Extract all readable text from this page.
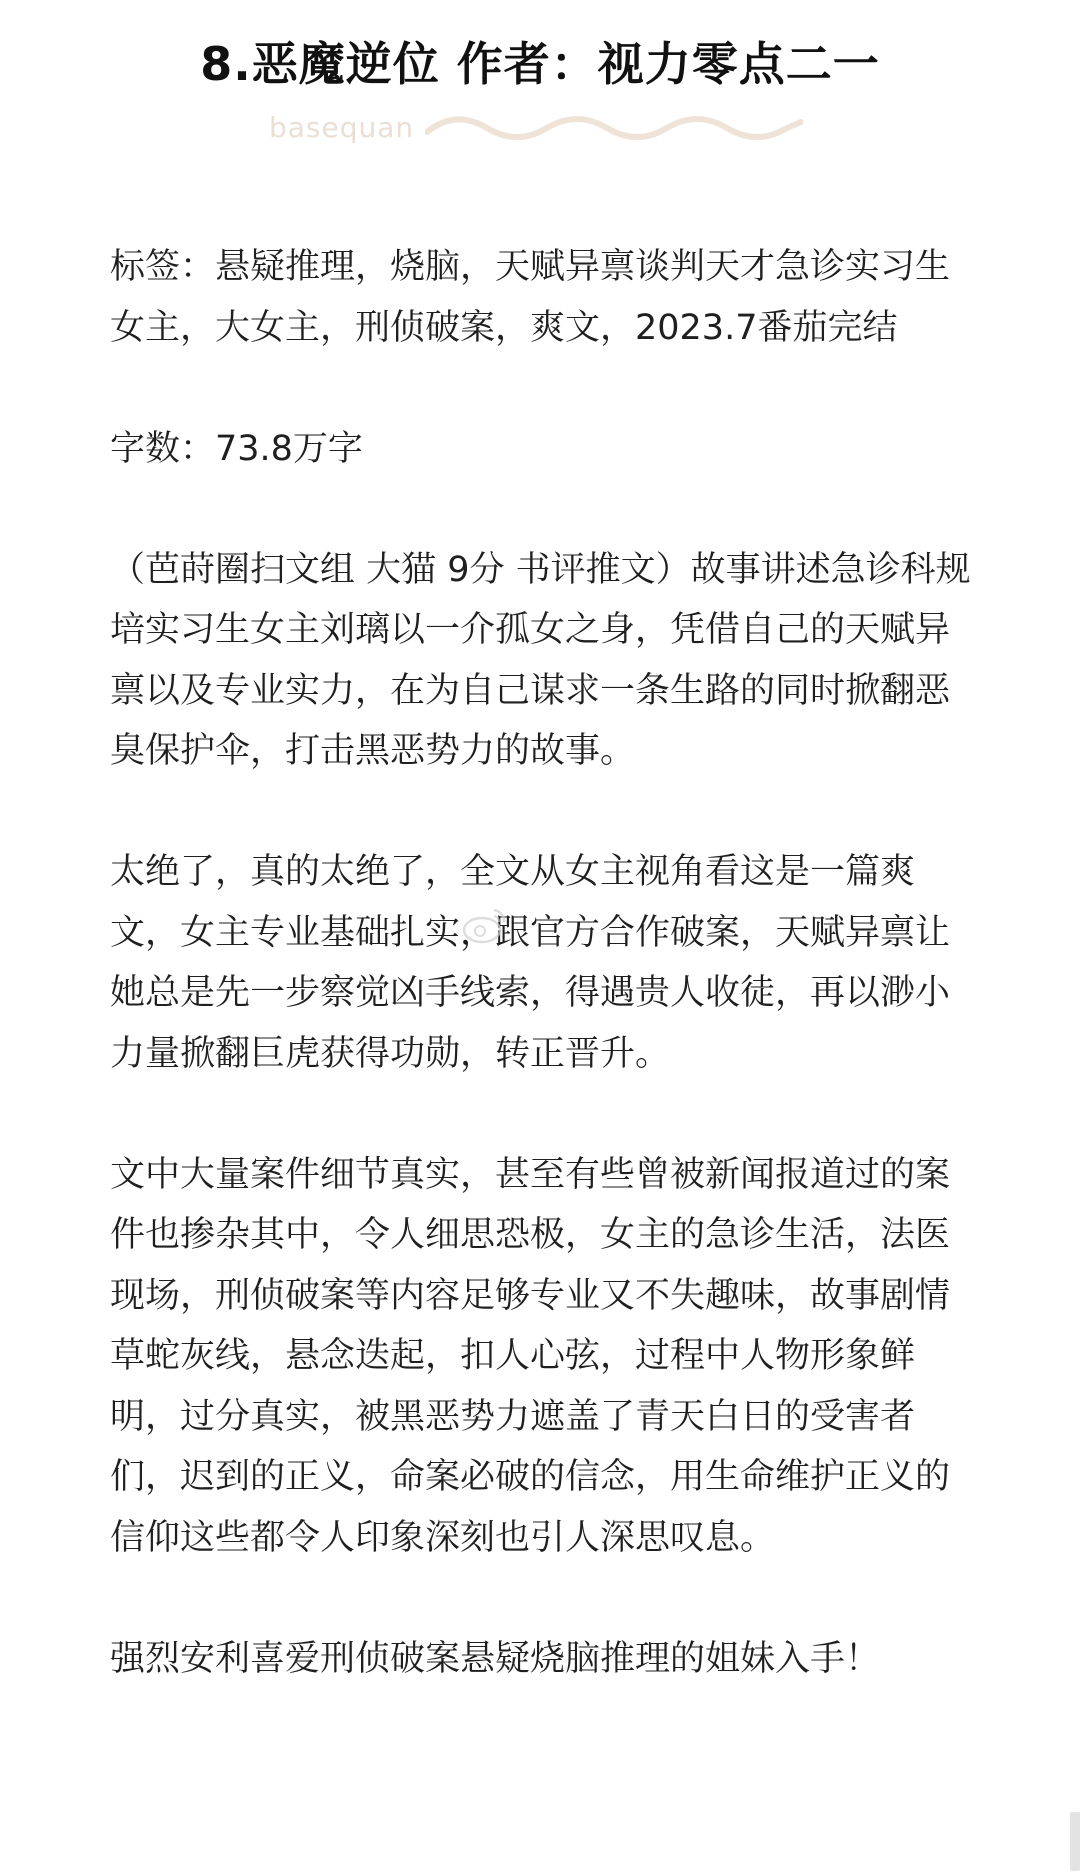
8.恶魔逆位 作者：视力零点二一
basequan

标签：悬疑推理，烧脑，天赋异禀谈判天才急诊实习生女主，大女主，刑侦破案，爽文，2023.7番茄完结

字数：73.8万字

（芭莳圈扫文组 大猫 9分 书评推文）故事讲述急诊科规培实习生女主刘璃以一介孤女之身，凭借自己的天赋异禀以及专业实力，在为自己谋求一条生路的同时掀翻恶臭保护伞，打击黑恶势力的故事。

太绝了，真的太绝了，全文从女主视角看这是一篇爽文，女主专业基础扎实，跟官方合作破案，天赋异禀让她总是先一步察觉凶手线索，得遇贵人收徒，再以渺小力量掀翻巨虎获得功勋，转正晋升。

文中大量案件细节真实，甚至有些曾被新闻报道过的案件也掺杂其中，令人细思恐极，女主的急诊生活，法医现场，刑侦破案等内容足够专业又不失趣味，故事剧情草蛇灰线，悬念迭起，扣人心弦，过程中人物形象鲜明，过分真实，被黑恶势力遮盖了青天白日的受害者们，迟到的正义，命案必破的信念，用生命维护正义的信仰这些都令人印象深刻也引人深思叹息。

强烈安利喜爱刑侦破案悬疑烧脑推理的姐妹入手！
